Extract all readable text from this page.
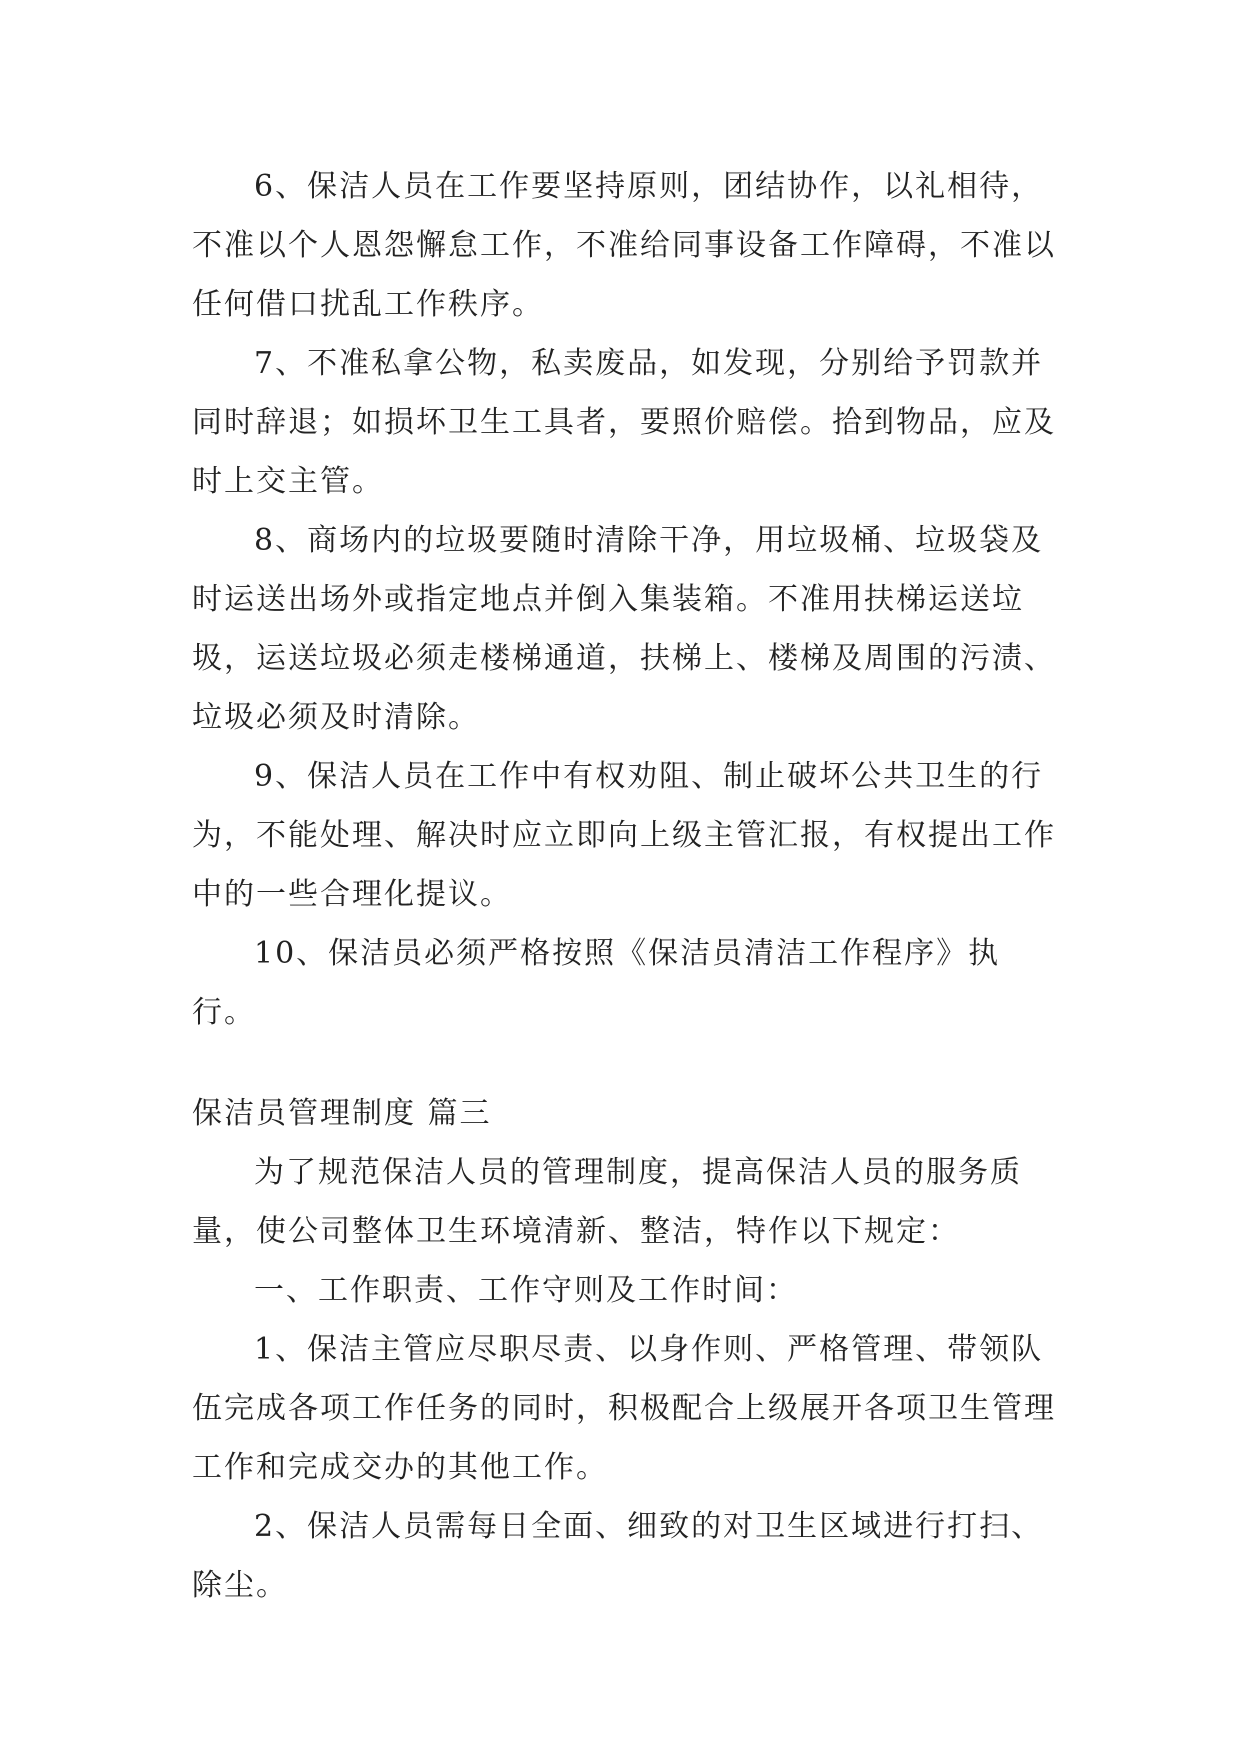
6、保洁人员在工作要坚持原则，团结协作，以礼相待，不准以个人恩怨懈怠工作，不准给同事设备工作障碍，不准以任何借口扰乱工作秩序。

7、不准私拿公物，私卖废品，如发现，分别给予罚款并同时辞退；如损坏卫生工具者，要照价赔偿。拾到物品，应及时上交主管。

8、商场内的垃圾要随时清除干净，用垃圾桶、垃圾袋及时运送出场外或指定地点并倒入集装箱。不准用扶梯运送垃圾，运送垃圾必须走楼梯通道，扶梯上、楼梯及周围的污渍、垃圾必须及时清除。

9、保洁人员在工作中有权劝阻、制止破坏公共卫生的行为，不能处理、解决时应立即向上级主管汇报，有权提出工作中的一些合理化提议。

10、保洁员必须严格按照《保洁员清洁工作程序》执行。

保洁员管理制度 篇三

为了规范保洁人员的管理制度，提高保洁人员的服务质量，使公司整体卫生环境清新、整洁，特作以下规定：

一、工作职责、工作守则及工作时间：

1、保洁主管应尽职尽责、以身作则、严格管理、带领队伍完成各项工作任务的同时，积极配合上级展开各项卫生管理工作和完成交办的其他工作。

2、保洁人员需每日全面、细致的对卫生区域进行打扫、除尘。
